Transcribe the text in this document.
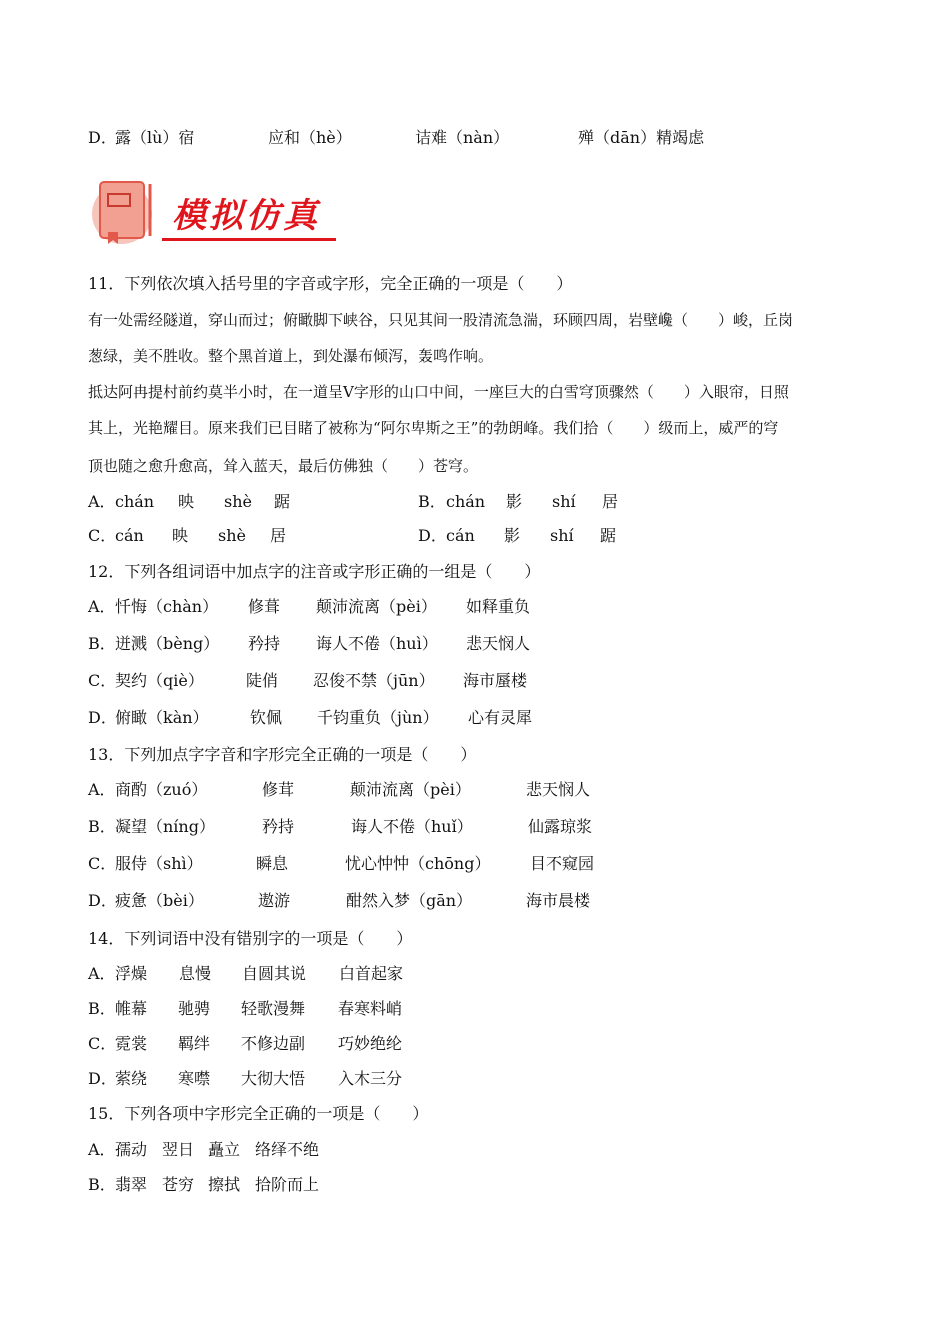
D．
露（lù）宿	应和（hè）	诘难（nàn）	殚（dān）精竭虑
模拟仿真
11．下列依次填入括号里的字音或字形，完全正确的一项是（　　）
有一处需经隧道，穿山而过；俯瞰脚下峡谷，只见其间一股清流急湍，环顾四周，岩壁巉（　　）峻，丘岗
葱绿，美不胜收。整个黑首道上，到处瀑布倾泻，轰鸣作响。
抵达阿冉提村前约莫半小时，在一道呈V字形的山口中间，一座巨大的白雪穹顶骤然（　　）入眼帘，日照
其上，光艳耀目。原来我们已目睹了被称为“阿尔卑斯之王”的勃朗峰。我们拾（　　）级而上，威严的穹
顶也随之愈升愈高，耸入蓝天，最后仿佛独（　　）苍穹。
A． chán 映 shè 踞	B． chán 影 shí 居
C．
cán 映 shè 居	D． cán 影 shí 踞
12．下列各组词语中加点字的注音或字形正确的一组是（　　）
A． 忏悔（chàn） 修葺 颠沛流离（pèi） 如释重负
B． 迸溅（bèng） 矜持 诲人不倦（huì） 悲天悯人
C．
契约（qiè）	陡俏 忍俊不禁（jūn） 海市蜃楼
D．
俯瞰（kàn）	钦佩 千钧重负（jùn） 心有灵犀
13．下列加点字字音和字形完全正确的一项是（　　）
A． 商酌（zuó）	修茸	颠沛流离（pèi）	悲天悯人
B． 凝望（níng）	矜持	诲人不倦（huǐ）	仙露琼浆
C．
服侍（shì）	瞬息	忧心忡忡（chōng） 目不窥园
D．
疲惫（bèi）	遨游	酣然入梦（gān）	海市晨楼
14．下列词语中没有错别字的一项是（　　）
A． 浮燥 息慢 自圆其说 白首起家
B． 帷幕 驰骋 轻歌漫舞 春寒料峭
C．
霓裳 羁绊 不修边副 巧妙绝纶
D．
萦绕 寒噤 大彻大悟 入木三分
15．下列各项中字形完全正确的一项是（　　）
A． 孺动 翌日 矗立 络绎不绝
B． 翡翠 苍穷 擦拭 拾阶而上
